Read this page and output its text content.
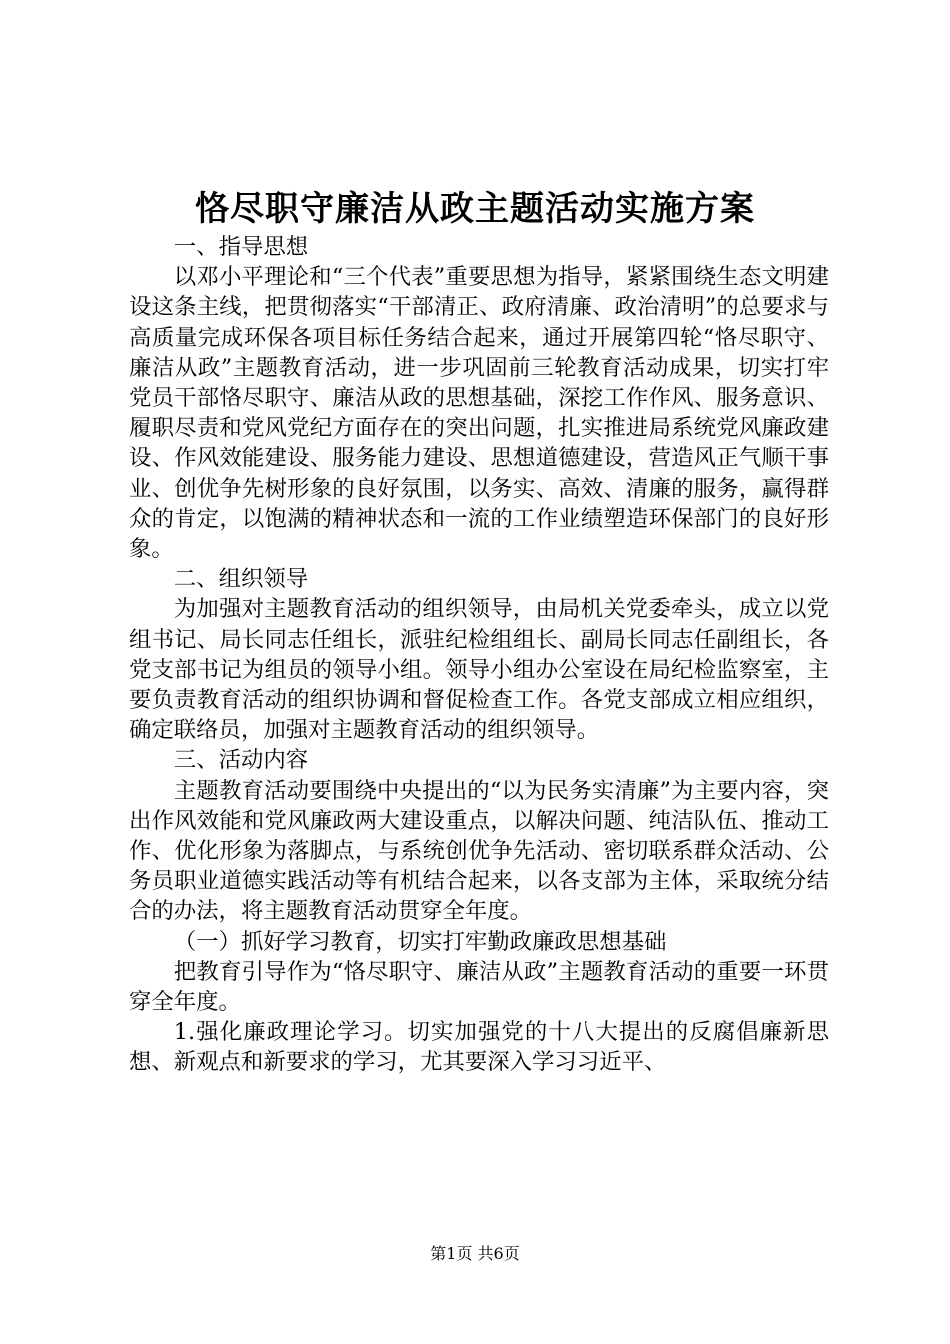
恪尽职守廉洁从政主题活动实施方案

一、指导思想

以邓小平理论和“三个代表”重要思想为指导，紧紧围绕生态文明建设这条主线，把贯彻落实“干部清正、政府清廉、政治清明”的总要求与高质量完成环保各项目标任务结合起来，通过开展第四轮“恪尽职守、廉洁从政”主题教育活动，进一步巩固前三轮教育活动成果，切实打牢党员干部恪尽职守、廉洁从政的思想基础，深挖工作作风、服务意识、履职尽责和党风党纪方面存在的突出问题，扎实推进局系统党风廉政建设、作风效能建设、服务能力建设、思想道德建设，营造风正气顺干事业、创优争先树形象的良好氛围，以务实、高效、清廉的服务，赢得群众的肯定，以饱满的精神状态和一流的工作业绩塑造环保部门的良好形象。

二、组织领导

为加强对主题教育活动的组织领导，由局机关党委牵头，成立以党组书记、局长同志任组长，派驻纪检组组长、副局长同志任副组长，各党支部书记为组员的领导小组。领导小组办公室设在局纪检监察室，主要负责教育活动的组织协调和督促检查工作。各党支部成立相应组织，确定联络员，加强对主题教育活动的组织领导。

三、活动内容

主题教育活动要围绕中央提出的“以为民务实清廉”为主要内容，突出作风效能和党风廉政两大建设重点，以解决问题、纯洁队伍、推动工作、优化形象为落脚点，与系统创优争先活动、密切联系群众活动、公务员职业道德实践活动等有机结合起来，以各支部为主体，采取统分结合的办法，将主题教育活动贯穿全年度。

（一）抓好学习教育，切实打牢勤政廉政思想基础

把教育引导作为“恪尽职守、廉洁从政”主题教育活动的重要一环贯穿全年度。

1.强化廉政理论学习。切实加强党的十八大提出的反腐倡廉新思想、新观点和新要求的学习，尤其要深入学习习近平、

第1页 共6页
